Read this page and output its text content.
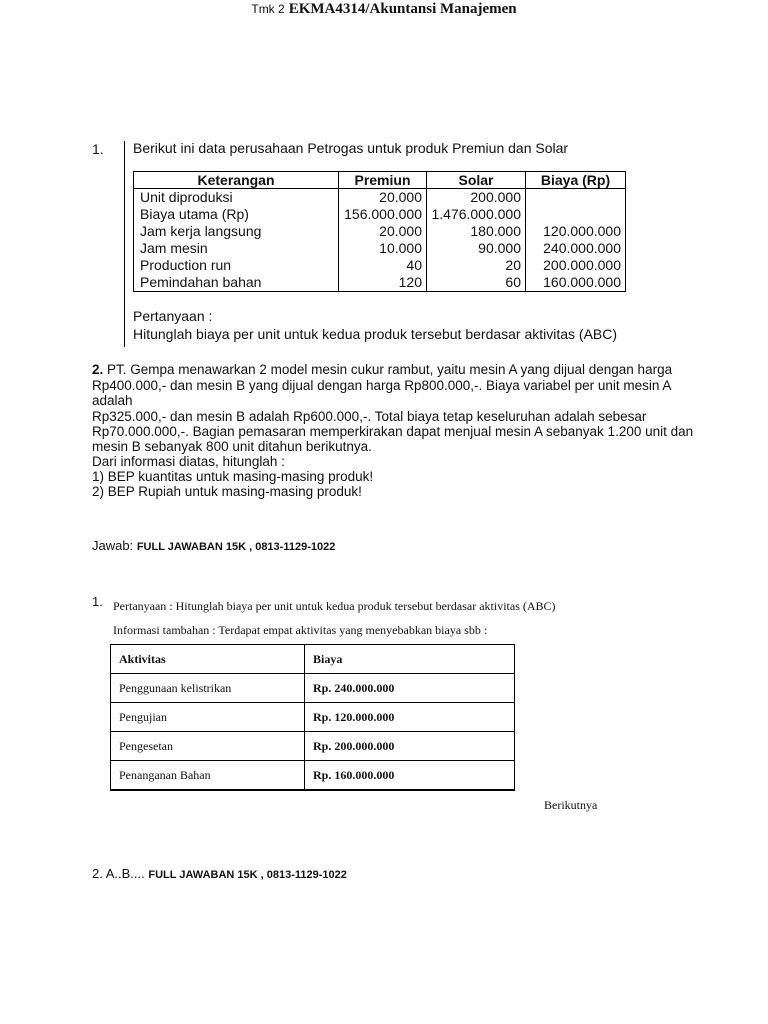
Tmk 2 EKMA4314/Akuntansi Manajemen
1. Berikut ini data perusahaan Petrogas untuk produk Premiun dan Solar
Keterangan	Premiun	Solar	Biaya (Rp)
Unit diproduksi	20.000	200.000	
Biaya utama (Rp)	156.000.000	1.476.000.000	
Jam kerja langsung	20.000	180.000	120.000.000
Jam mesin	10.000	90.000	240.000.000
Production run	40	20	200.000.000
Pemindahan bahan	120	60	160.000.000
Pertanyaan :
Hitunglah biaya per unit untuk kedua produk tersebut berdasar aktivitas (ABC)
2. PT. Gempa menawarkan 2 model mesin cukur rambut, yaitu mesin A yang dijual dengan harga
Rp400.000,- dan mesin B yang dijual dengan harga Rp800.000,-. Biaya variabel per unit mesin A
adalah
Rp325.000,- dan mesin B adalah Rp600.000,-. Total biaya tetap keseluruhan adalah sebesar
Rp70.000.000,-. Bagian pemasaran memperkirakan dapat menjual mesin A sebanyak 1.200 unit dan
mesin B sebanyak 800 unit ditahun berikutnya.
Dari informasi diatas, hitunglah :
1) BEP kuantitas untuk masing-masing produk!
2) BEP Rupiah untuk masing-masing produk!
Jawab: FULL JAWABAN 15K , 0813-1129-1022
1. Pertanyaan : Hitunglah biaya per unit untuk kedua produk tersebut berdasar aktivitas (ABC)
Informasi tambahan : Terdapat empat aktivitas yang menyebabkan biaya sbb :
Aktivitas	Biaya
Penggunaan kelistrikan	Rp. 240.000.000
Pengujian	Rp. 120.000.000
Pengesetan	Rp. 200.000.000
Penanganan Bahan	Rp. 160.000.000
Berikutnya
2. A..B.... FULL JAWABAN 15K , 0813-1129-1022
